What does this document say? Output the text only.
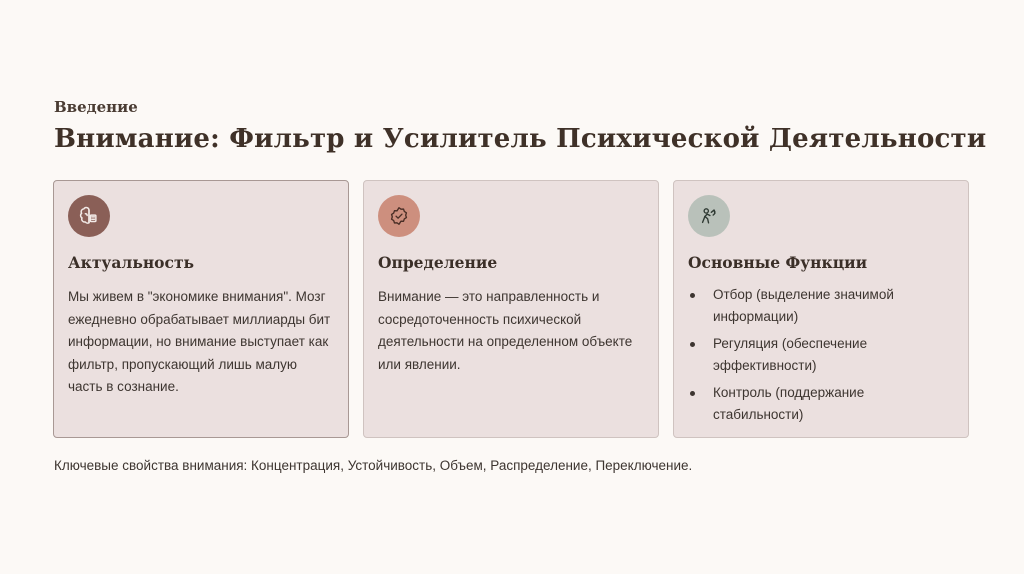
Введение
Внимание: Фильтр и Усилитель Психической Деятельности
Актуальность
Мы живем в "экономике внимания". Мозг ежедневно обрабатывает миллиарды бит информации, но внимание выступает как фильтр, пропускающий лишь малую часть в сознание.
Определение
Внимание — это направленность и сосредоточенность психической деятельности на определенном объекте или явлении.
Основные Функции
Отбор (выделение значимой информации)
Регуляция (обеспечение эффективности)
Контроль (поддержание стабильности)
Ключевые свойства внимания: Концентрация, Устойчивость, Объем, Распределение, Переключение.
